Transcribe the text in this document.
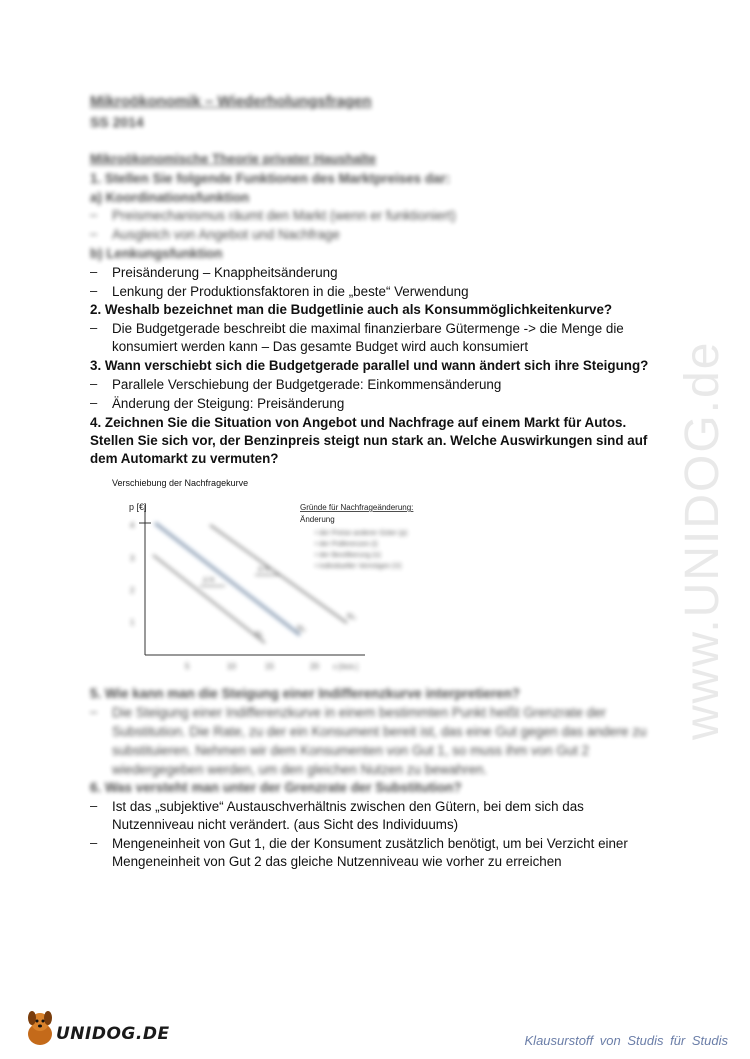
www.UNIDOG.de
Mikroökonomik – Wiederholungsfragen
SS 2014
Mikroökonomische Theorie privater Haushalte
1. Stellen Sie folgende Funktionen des Marktpreises dar:
a) Koordinationsfunktion
– Preismechanismus räumt den Markt (wenn er funktioniert)
– Ausgleich von Angebot und Nachfrage
b) Lenkungsfunktion
– Preisänderung – Knappheitsänderung
– Lenkung der Produktionsfaktoren in die „beste“ Verwendung
2. Weshalb bezeichnet man die Budgetlinie auch als Konsummöglichkeitenkurve?
– Die Budgetgerade beschreibt die maximal finanzierbare Gütermenge -> die Menge die
konsumiert werden kann – Das gesamte Budget wird auch konsumiert
3. Wann verschiebt sich die Budgetgerade parallel und wann ändert sich ihre Steigung?
– Parallele Verschiebung der Budgetgerade: Einkommensänderung
– Änderung der Steigung: Preisänderung
4. Zeichnen Sie die Situation von Angebot und Nachfrage auf einem Markt für Autos.
Stellen Sie sich vor, der Benzinpreis steigt nun stark an. Welche Auswirkungen sind auf
dem Automarkt zu vermuten?
Verschiebung der Nachfragekurve
p [€]
4
3
2
1
5	10	15	20 x [Stck.]
N₁
N₂
N₃
Δ N
Δ N
• der Preise anderer Güter (p)
• der Präferenzen (i)
• der Bevölkerung (n)
• individueller Vermögen (V)
Gründe für Nachfrageänderung:
Änderung
5. Wie kann man die Steigung einer Indifferenzkurve interpretieren?
– Die Steigung einer Indifferenzkurve in einem bestimmten Punkt heißt Grenzrate der
Substitution. Die Rate, zu der ein Konsument bereit ist, das eine Gut gegen das andere zu
substituieren. Nehmen wir dem Konsumenten von Gut 1, so muss ihm von Gut 2
wiedergegeben werden, um den gleichen Nutzen zu bewahren.
6. Was versteht man unter der Grenzrate der Substitution?
– Ist das „subjektive“ Austauschverhältnis zwischen den Gütern, bei dem sich das
Nutzenniveau nicht verändert. (aus Sicht des Individuums)
– Mengeneinheit von Gut 1, die der Konsument zusätzlich benötigt, um bei Verzicht einer
Mengeneinheit von Gut 2 das gleiche Nutzenniveau wie vorher zu erreichen
UNIDOG.DE	Klausurstoff von Studis für Studis
